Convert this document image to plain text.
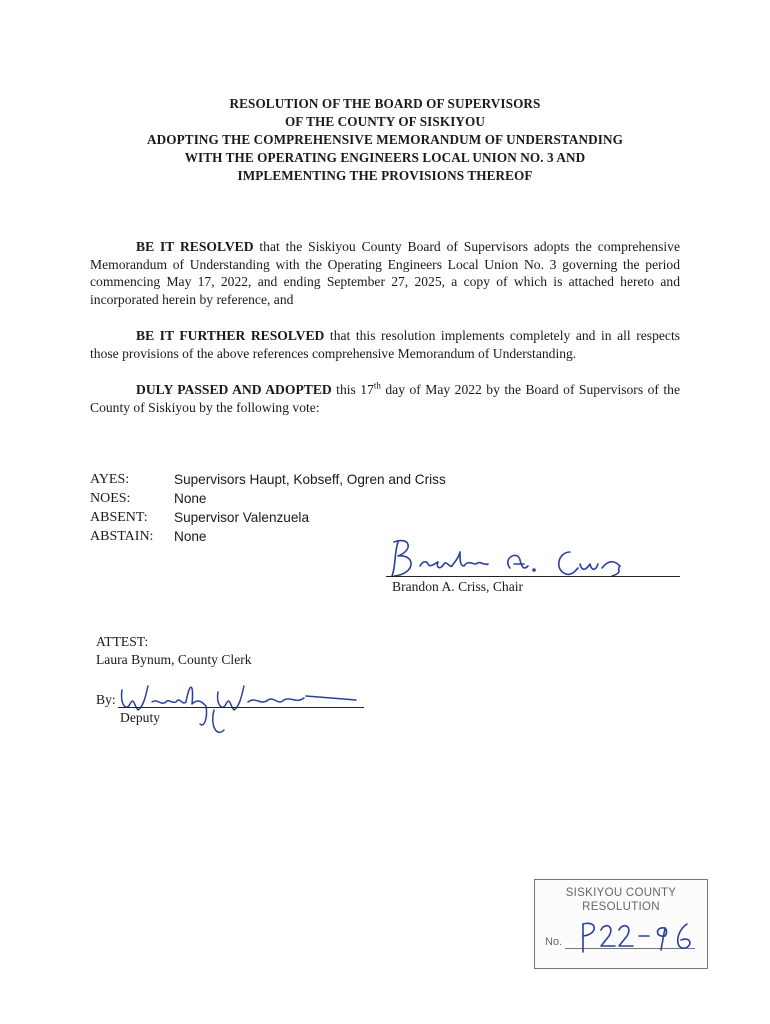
RESOLUTION OF THE BOARD OF SUPERVISORS
OF THE COUNTY OF SISKIYOU
ADOPTING THE COMPREHENSIVE MEMORANDUM OF UNDERSTANDING
WITH THE OPERATING ENGINEERS LOCAL UNION NO. 3 AND
IMPLEMENTING THE PROVISIONS THEREOF
BE IT RESOLVED that the Siskiyou County Board of Supervisors adopts the comprehensive Memorandum of Understanding with the Operating Engineers Local Union No. 3 governing the period commencing May 17, 2022, and ending September 27, 2025, a copy of which is attached hereto and incorporated herein by reference, and
BE IT FURTHER RESOLVED that this resolution implements completely and in all respects those provisions of the above references comprehensive Memorandum of Understanding.
DULY PASSED AND ADOPTED this 17th day of May 2022 by the Board of Supervisors of the County of Siskiyou by the following vote:
AYES:	Supervisors Haupt, Kobseff, Ogren and Criss
NOES:	None
ABSENT:	Supervisor Valenzuela
ABSTAIN:	None
Brandon A. Criss, Chair
ATTEST:
Laura Bynum, County Clerk
By:
Deputy
SISKIYOU COUNTY
RESOLUTION
No.
